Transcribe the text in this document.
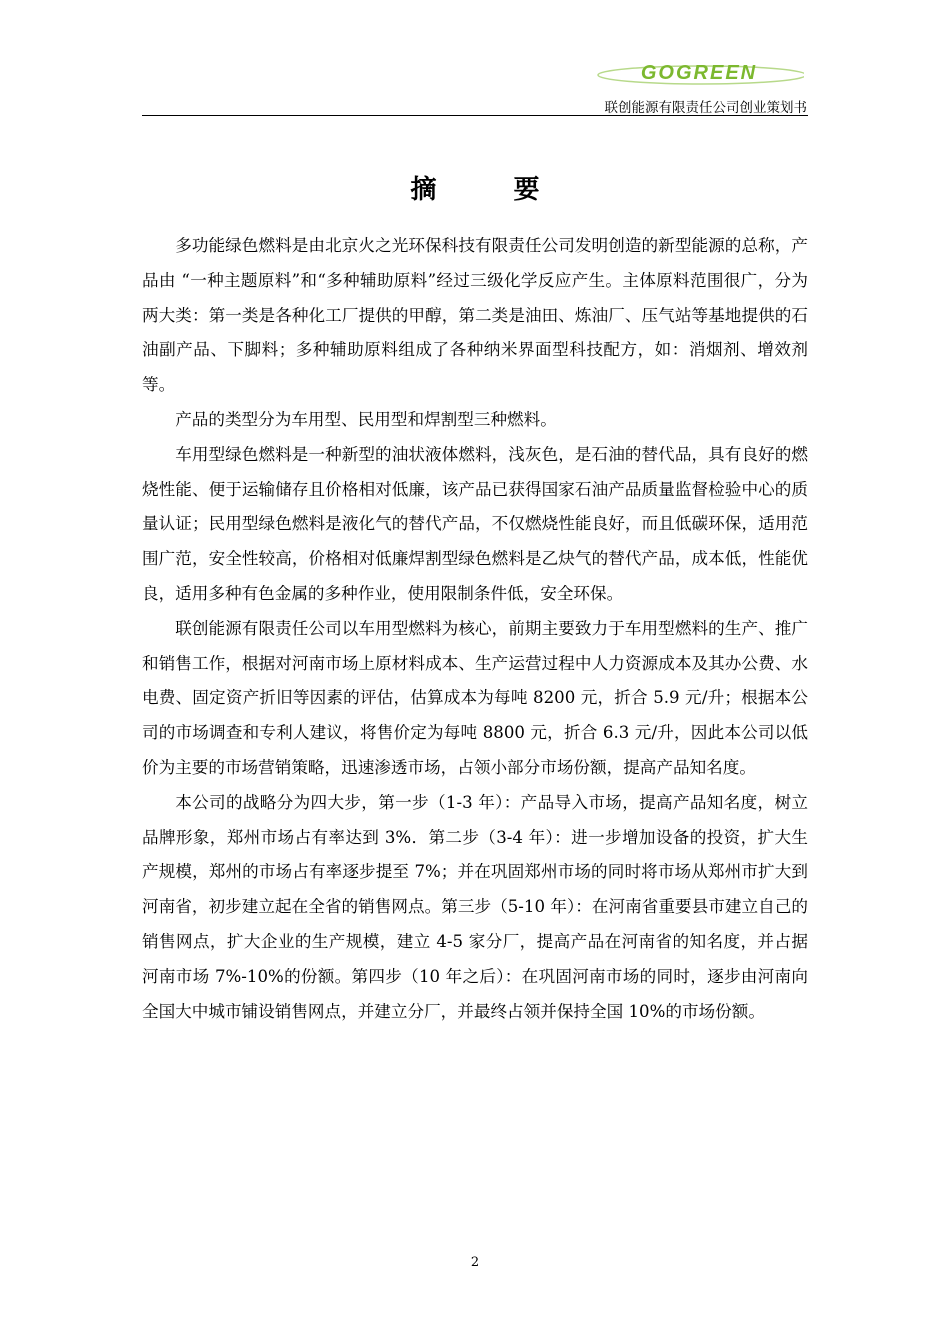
GOGREEN
联创能源有限责任公司创业策划书
摘 要

多功能绿色燃料是由北京火之光环保科技有限责任公司发明创造的新型能源的总称，产品由 “一种主题原料”和“多种辅助原料”经过三级化学反应产生。主体原料范围很广，分为两大类：第一类是各种化工厂提供的甲醇，第二类是油田、炼油厂、压气站等基地提供的石油副产品、下脚料；多种辅助原料组成了各种纳米界面型科技配方，如：消烟剂、增效剂等。

产品的类型分为车用型、民用型和焊割型三种燃料。

车用型绿色燃料是一种新型的油状液体燃料，浅灰色，是石油的替代品，具有良好的燃烧性能、便于运输储存且价格相对低廉，该产品已获得国家石油产品质量监督检验中心的质量认证；民用型绿色燃料是液化气的替代产品，不仅燃烧性能良好，而且低碳环保，适用范围广范，安全性较高，价格相对低廉焊割型绿色燃料是乙炔气的替代产品，成本低，性能优良，适用多种有色金属的多种作业，使用限制条件低，安全环保。

联创能源有限责任公司以车用型燃料为核心，前期主要致力于车用型燃料的生产、推广和销售工作，根据对河南市场上原材料成本、生产运营过程中人力资源成本及其办公费、水电费、固定资产折旧等因素的评估，估算成本为每吨 8200 元，折合 5.9 元/升；根据本公司的市场调查和专利人建议，将售价定为每吨 8800 元，折合 6.3 元/升，因此本公司以低价为主要的市场营销策略，迅速渗透市场，占领小部分市场份额，提高产品知名度。

本公司的战略分为四大步，第一步（1-3 年）：产品导入市场，提高产品知名度，树立品牌形象，郑州市场占有率达到 3%．第二步（3-4 年）：进一步增加设备的投资，扩大生产规模，郑州的市场占有率逐步提至 7%；并在巩固郑州市场的同时将市场从郑州市扩大到河南省，初步建立起在全省的销售网点。第三步（5-10 年）：在河南省重要县市建立自己的销售网点，扩大企业的生产规模，建立 4-5 家分厂，提高产品在河南省的知名度，并占据河南市场 7%-10%的份额。第四步（10 年之后）：在巩固河南市场的同时，逐步由河南向全国大中城市铺设销售网点，并建立分厂，并最终占领并保持全国 10%的市场份额。

2
